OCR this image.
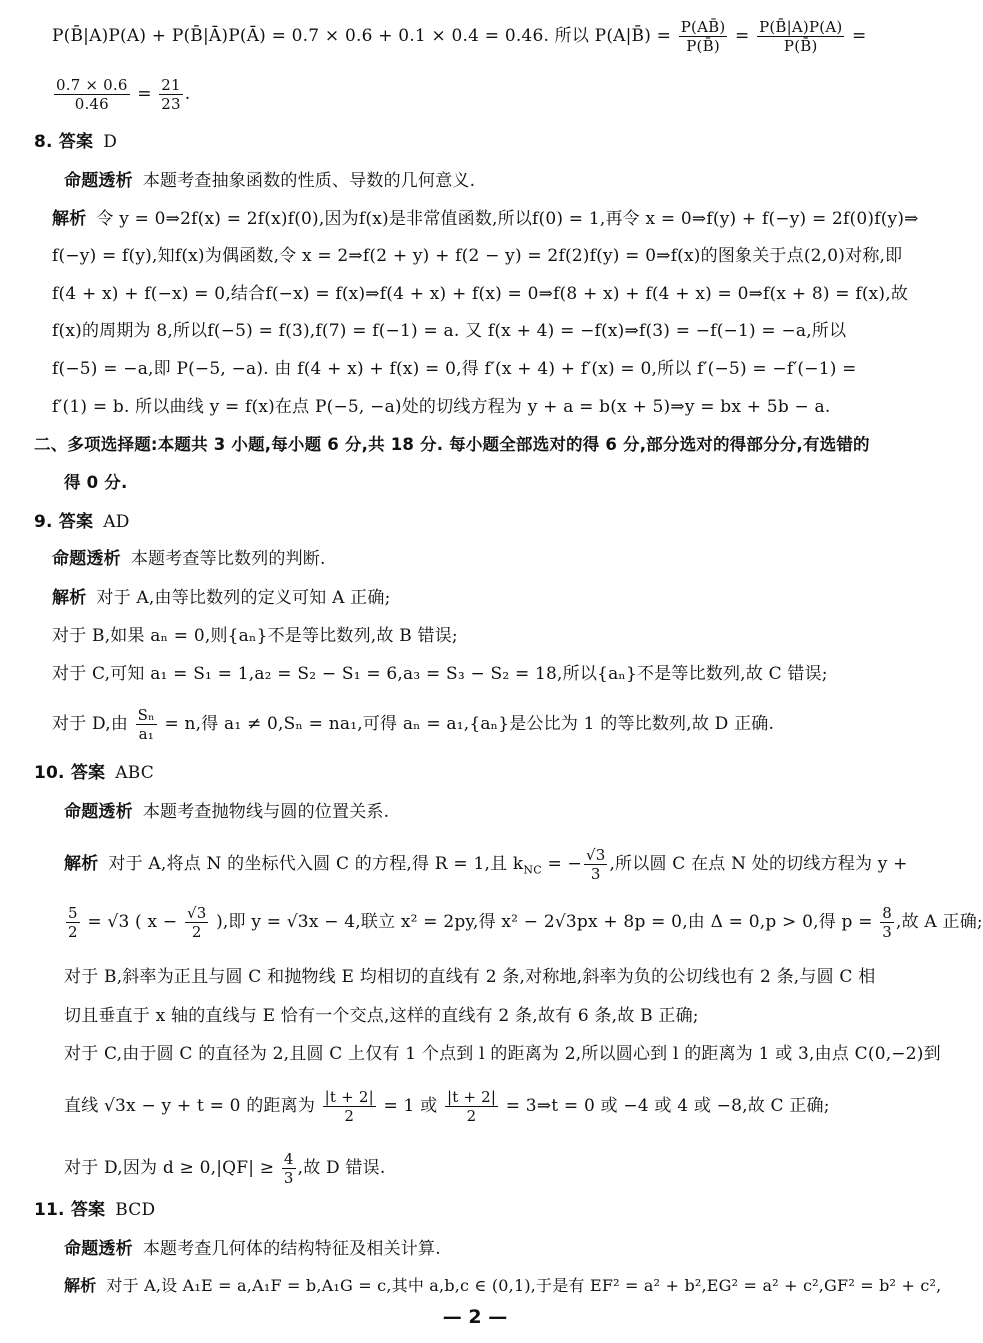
P(B̄|A)P(A) + P(B̄|Ā)P(Ā) = 0.7 × 0.6 + 0.1 × 0.4 = 0.46. 所以 P(A|B̄) = $\frac{P(AB̄)}{P(B̄)} = \frac{P(B̄|A)P(A)}{P(B̄)}$ =
$\frac{0.7 \times 0.6}{0.46} = \frac{21}{23}$ .
8. 答案 D
命题透析 本题考查抽象函数的性质、导数的几何意义.
解析 令 y = 0⇒2f(x) = 2f(x)f(0),因为f(x)是非常值函数,所以f(0) = 1,再令 x = 0⇒f(y) + f(−y) = 2f(0)f(y)⇒
f(−y) = f(y),知f(x)为偶函数,令 x = 2⇒f(2 + y) + f(2 − y) = 2f(2)f(y) = 0⇒f(x)的图象关于点(2,0)对称,即
f(4 + x) + f(−x) = 0,结合f(−x) = f(x)⇒f(4 + x) + f(x) = 0⇒f(8 + x) + f(4 + x) = 0⇒f(x + 8) = f(x),故
f(x)的周期为 8,所以f(−5) = f(3),f(7) = f(−1) = a. 又 f(x + 4) = −f(x)⇒f(3) = −f(−1) = −a,所以
f(−5) = −a,即 P(−5, −a). 由 f(4 + x) + f(x) = 0,得 f′(x + 4) + f′(x) = 0,所以 f′(−5) = −f′(−1) =
f′(1) = b. 所以曲线 y = f(x)在点 P(−5, −a)处的切线方程为 y + a = b(x + 5)⇒y = bx + 5b − a.
二、多项选择题:本题共 3 小题,每小题 6 分,共 18 分. 每小题全部选对的得 6 分,部分选对的得部分分,有选错的
得 0 分.
9. 答案 AD
命题透析 本题考查等比数列的判断.
解析 对于 A,由等比数列的定义可知 A 正确;
对于 B,如果 aₙ = 0,则{aₙ}不是等比数列,故 B 错误;
对于 C,可知 a₁ = S₁ = 1,a₂ = S₂ − S₁ = 6,a₃ = S₃ − S₂ = 18,所以{aₙ}不是等比数列,故 C 错误;
对于 D,由 $\frac{\text{Sₙ}}{\text{a₁}} = n$,得 a₁ ≠ 0,Sₙ = na₁,可得 aₙ = a₁,{aₙ}是公比为 1 的等比数列,故 D 正确.
10. 答案 ABC
命题透析 本题考查抛物线与圆的位置关系.
解析 对于 A,将点 N 的坐标代入圆 C 的方程,得 R = 1,且 $k_{NC}$ = − $\frac{√3}{3}$ ,所以圆 C 在点 N 处的切线方程为 y +
$\frac{5}{2} = √3$ ( $x - \frac{√3}{2}$ ),即 y = √3x − 4,联立 x² = 2py,得 x² − 2√3px + 8p = 0,由 Δ = 0,p > 0,得 $p = \frac{8}{3}$ ,故 A 正确;
对于 B,斜率为正且与圆 C 和抛物线 E 均相切的直线有 2 条,对称地,斜率为负的公切线也有 2 条,与圆 C 相
切且垂直于 x 轴的直线与 E 恰有一个交点,这样的直线有 2 条,故有 6 条,故 B 正确;
对于 C,由于圆 C 的直径为 2,且圆 C 上仅有 1 个点到 l 的距离为 2,所以圆心到 l 的距离为 1 或 3,由点 C(0,−2)到
直线 √3x − y + t = 0 的距离为 $\frac{|t + 2|}{2} = 1$ 或 $\frac{|t + 2|}{2}$ = 3⇒t = 0 或 −4 或 4 或 −8,故 C 正确;
对于 D,因为 $d \ge 0,|QF| \ge \frac{4}{3}$ ,故 D 错误.
11. 答案 BCD
命题透析 本题考查几何体的结构特征及相关计算.
解析 对于 A,设 A₁E = a,A₁F = b,A₁G = c,其中 a,b,c ∈ (0,1),于是有 EF² = a² + b²,EG² = a² + c²,GF² = b² + c²,
— 2 —
